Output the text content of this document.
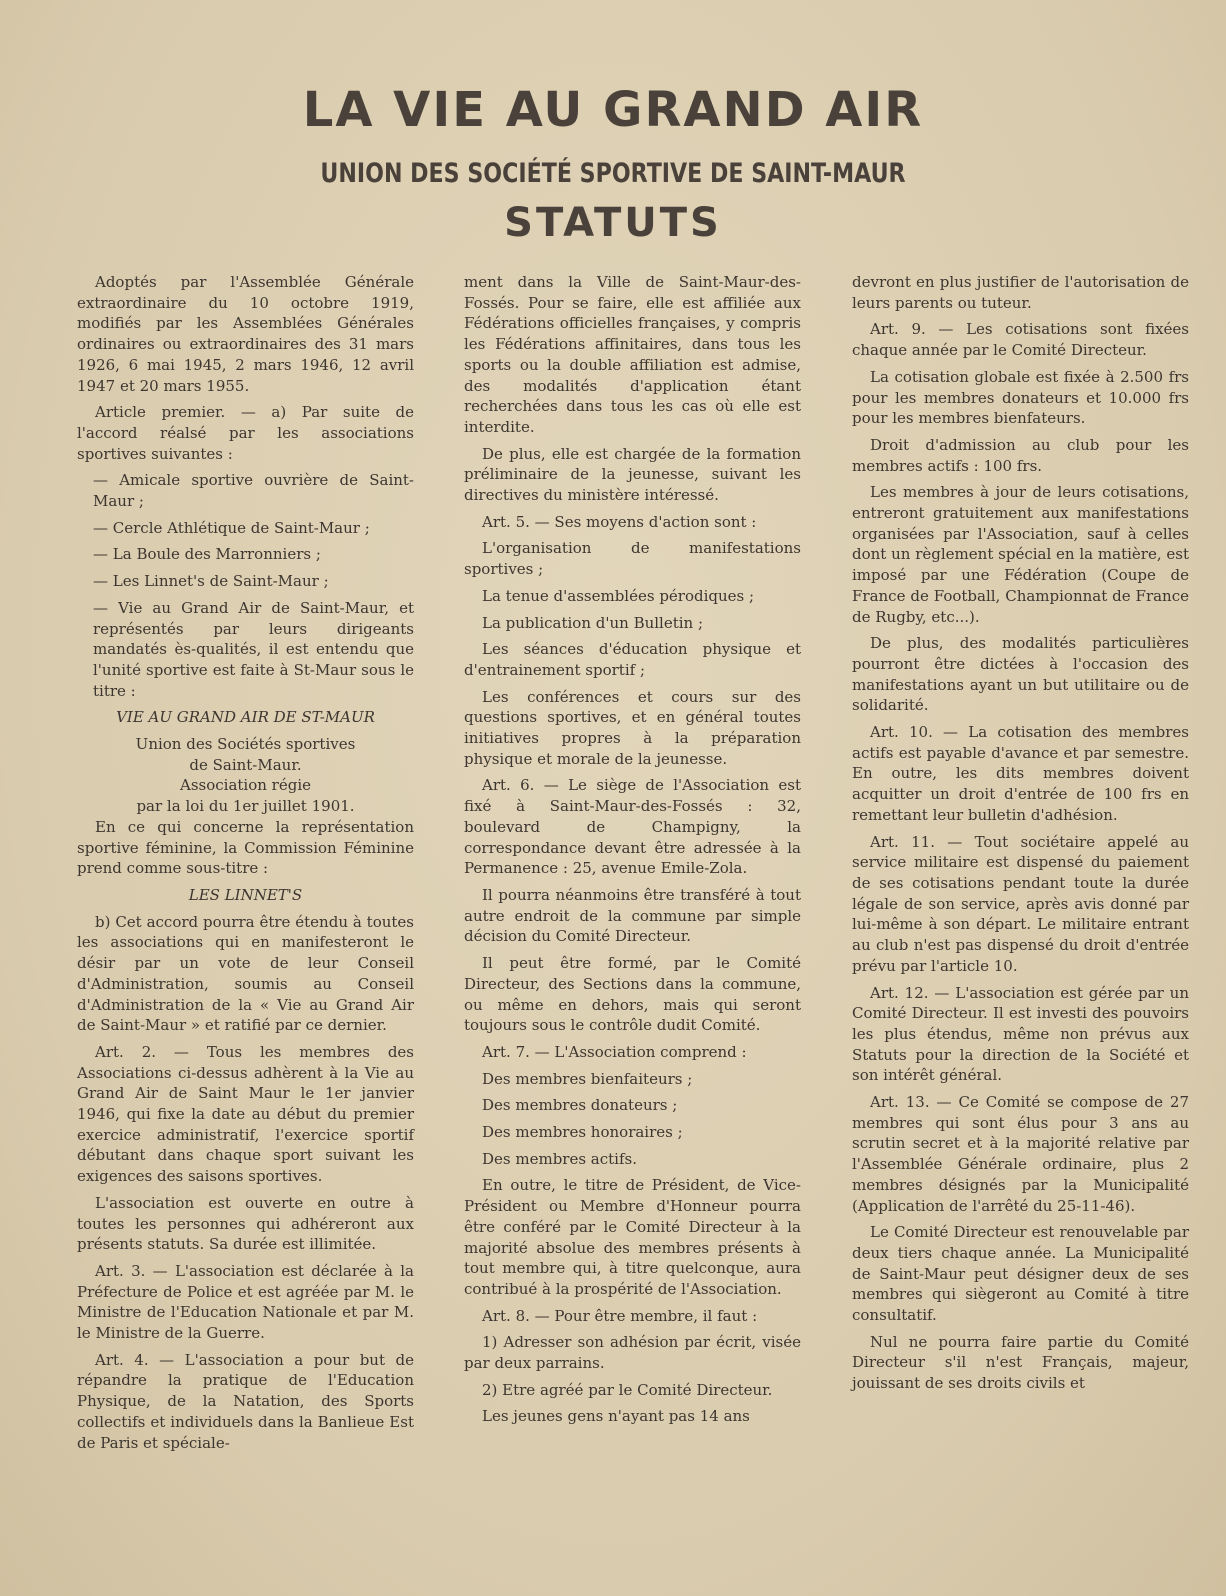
LA VIE AU GRAND AIR
UNION DES SOCIÉTÉ SPORTIVE DE SAINT-MAUR
STATUTS

Adoptés par l'Assemblée Générale extraordinaire du 10 octobre 1919, modifiés par les Assemblées Générales ordinaires ou extraordinaires des 31 mars 1926, 6 mai 1945, 2 mars 1946, 12 avril 1947 et 20 mars 1955.

Article premier. — a) Par suite de l'accord réalsé par les associations sportives suivantes :

— Amicale sportive ouvrière de Saint-Maur ;

— Cercle Athlétique de Saint-Maur ;

— La Boule des Marronniers ;

— Les Linnet's de Saint-Maur ;

— Vie au Grand Air de Saint-Maur, et représentés par leurs dirigeants mandatés ès-qualités, il est entendu que l'unité sportive est faite à St-Maur sous le titre :

VIE AU GRAND AIR DE ST-MAUR

Union des Sociétés sportives

de Saint-Maur.

Association régie

par la loi du 1er juillet 1901.

En ce qui concerne la représentation sportive féminine, la Commission Féminine prend comme sous-titre :

LES LINNET'S

b) Cet accord pourra être étendu à toutes les associations qui en manifesteront le désir par un vote de leur Conseil d'Administration, soumis au Conseil d'Administration de la « Vie au Grand Air de Saint-Maur » et ratifié par ce dernier.

Art. 2. — Tous les membres des Associations ci-dessus adhèrent à la Vie au Grand Air de Saint Maur le 1er janvier 1946, qui fixe la date au début du premier exercice administratif, l'exercice sportif débutant dans chaque sport suivant les exigences des saisons sportives.

L'association est ouverte en outre à toutes les personnes qui adhéreront aux présents statuts. Sa durée est illimitée.

Art. 3. — L'association est déclarée à la Préfecture de Police et est agréée par M. le Ministre de l'Education Nationale et par M. le Ministre de la Guerre.

Art. 4. — L'association a pour but de répandre la pratique de l'Education Physique, de la Natation, des Sports collectifs et individuels dans la Banlieue Est de Paris et spéciale-

ment dans la Ville de Saint-Maur-des-Fossés. Pour se faire, elle est affiliée aux Fédérations officielles françaises, y compris les Fédérations affinitaires, dans tous les sports ou la double affiliation est admise, des modalités d'application étant recherchées dans tous les cas où elle est interdite.

De plus, elle est chargée de la formation préliminaire de la jeunesse, suivant les directives du ministère intéressé.

Art. 5. — Ses moyens d'action sont :

L'organisation de manifestations sportives ;

La tenue d'assemblées pérodiques ;

La publication d'un Bulletin ;

Les séances d'éducation physique et d'entrainement sportif ;

Les conférences et cours sur des questions sportives, et en général toutes initiatives propres à la préparation physique et morale de la jeunesse.

Art. 6. — Le siège de l'Association est fixé à Saint-Maur-des-Fossés : 32, boulevard de Champigny, la correspondance devant être adressée à la Permanence : 25, avenue Emile-Zola.

Il pourra néanmoins être transféré à tout autre endroit de la commune par simple décision du Comité Directeur.

Il peut être formé, par le Comité Directeur, des Sections dans la commune, ou même en dehors, mais qui seront toujours sous le contrôle dudit Comité.

Art. 7. — L'Association comprend :

Des membres bienfaiteurs ;

Des membres donateurs ;

Des membres honoraires ;

Des membres actifs.

En outre, le titre de Président, de Vice-Président ou Membre d'Honneur pourra être conféré par le Comité Directeur à la majorité absolue des membres présents à tout membre qui, à titre quelconque, aura contribué à la prospérité de l'Association.

Art. 8. — Pour être membre, il faut :

1) Adresser son adhésion par écrit, visée par deux parrains.

2) Etre agréé par le Comité Directeur.

Les jeunes gens n'ayant pas 14 ans

devront en plus justifier de l'autorisation de leurs parents ou tuteur.

Art. 9. — Les cotisations sont fixées chaque année par le Comité Directeur.

La cotisation globale est fixée à 2.500 frs pour les membres donateurs et 10.000 frs pour les membres bienfateurs.

Droit d'admission au club pour les membres actifs : 100 frs.

Les membres à jour de leurs cotisations, entreront gratuitement aux manifestations organisées par l'Association, sauf à celles dont un règlement spécial en la matière, est imposé par une Fédération (Coupe de France de Football, Championnat de France de Rugby, etc...).

De plus, des modalités particulières pourront être dictées à l'occasion des manifestations ayant un but utilitaire ou de solidarité.

Art. 10. — La cotisation des membres actifs est payable d'avance et par semestre. En outre, les dits membres doivent acquitter un droit d'entrée de 100 frs en remettant leur bulletin d'adhésion.

Art. 11. — Tout sociétaire appelé au service militaire est dispensé du paiement de ses cotisations pendant toute la durée légale de son service, après avis donné par lui-même à son départ. Le militaire entrant au club n'est pas dispensé du droit d'entrée prévu par l'article 10.

Art. 12. — L'association est gérée par un Comité Directeur. Il est investi des pouvoirs les plus étendus, même non prévus aux Statuts pour la direction de la Société et son intérêt général.

Art. 13. — Ce Comité se compose de 27 membres qui sont élus pour 3 ans au scrutin secret et à la majorité relative par l'Assemblée Générale ordinaire, plus 2 membres désignés par la Municipalité (Application de l'arrêté du 25-11-46).

Le Comité Directeur est renouvelable par deux tiers chaque année. La Municipalité de Saint-Maur peut désigner deux de ses membres qui siègeront au Comité à titre consultatif.

Nul ne pourra faire partie du Comité Directeur s'il n'est Français, majeur, jouissant de ses droits civils et
